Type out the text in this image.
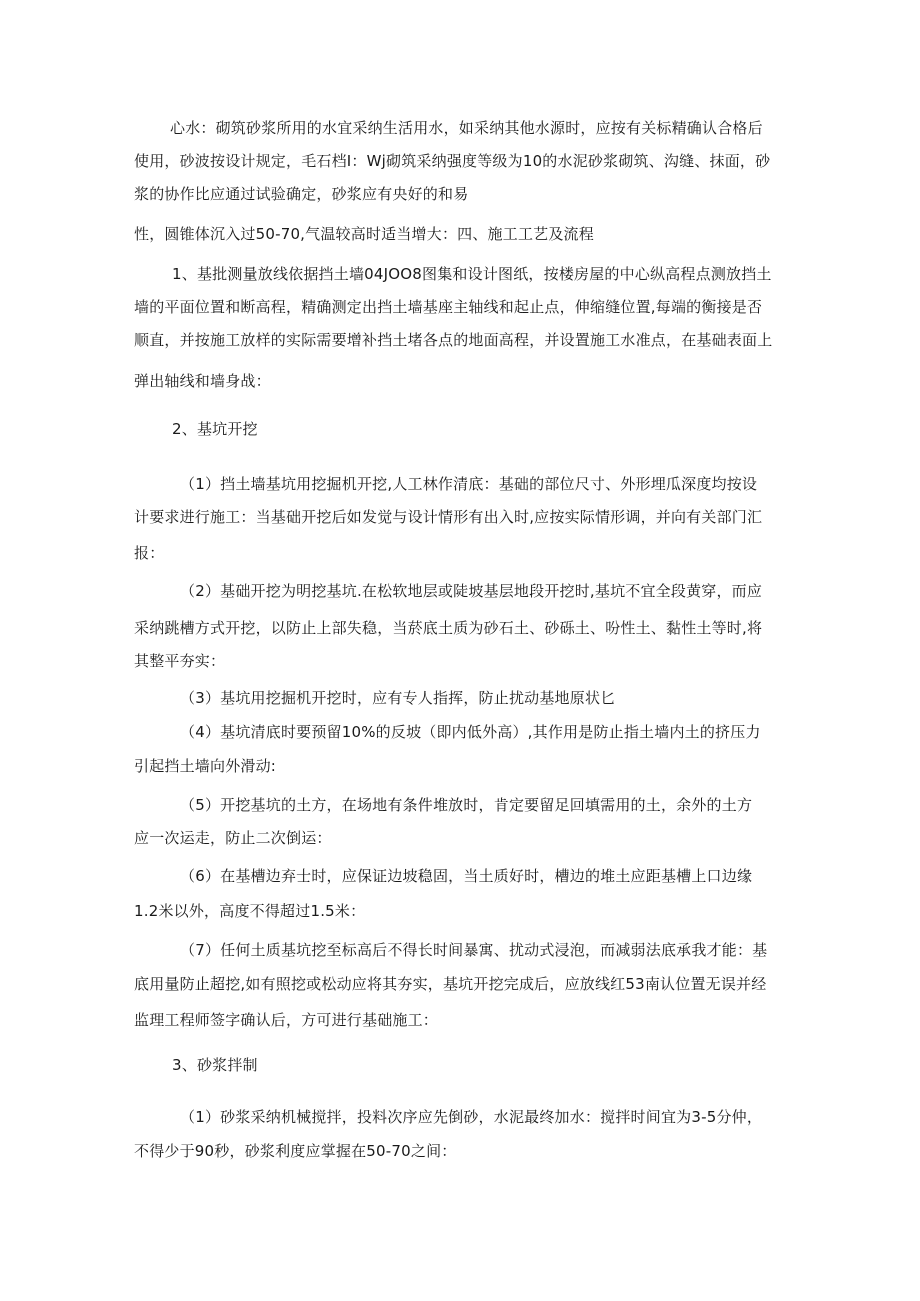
心水：砌筑砂浆所用的水宜采纳生活用水，如采纳其他水源时，应按有关标精确认合格后

使用，砂波按设计规定，毛石档I：Wj砌筑采纳强度等级为10的水泥砂浆砌筑、沟缝、抹面，砂

浆的协作比应通过试验确定，砂浆应有央好的和易

性，圆锥体沉入过50-70,气温较高时适当增大：四、施工工艺及流程

1、基批测量放线依据挡土墙04JOO8图集和设计图纸，按楼房屋的中心纵高程点测放挡土

墙的平面位置和断高程，精确测定出挡土墙基座主轴线和起止点，伸缩缝位置,每端的衡接是否

顺直，并按施工放样的实际需要增补挡土堵各点的地面高程，并设置施工水准点，在基础表面上

弹出轴线和墙身战：

2、基坑开挖

（1）挡土墙基坑用挖掘机开挖,人工林作清底：基础的部位尺寸、外形埋瓜深度均按设

计要求进行施工：当基础开挖后如发觉与设计情形有出入时,应按实际情形调，并向有关部门汇

报：

（2）基础开挖为明挖基坑.在松软地层或陡坡基层地段开挖时,基坑不宜全段黄穿，而应

采纳跳槽方式开挖，以防止上部失稳，当菸底土质为砂石土、砂砾土、吩性土、黏性土等时,将

其整平夯实：

（3）基坑用挖掘机开挖时，应有专人指挥，防止扰动基地原状匕

（4）基坑清底时要预留10%的反坡（即内低外高）,其作用是防止指土墙内土的挤压力

引起挡土墙向外滑动:

（5）开挖基坑的土方，在场地有条件堆放时，肯定要留足回填需用的土，余外的土方

应一次运走，防止二次倒运：

（6）在基槽边弃士时，应保证边坡稳固，当土质好时，槽边的堆土应距基槽上口边缘

1.2米以外，高度不得超过1.5米：

（7）任何土质基坑挖至标高后不得长时间暴寓、扰动式浸泡，而减弱法底承我才能：基

底用量防止超挖,如有照挖或松动应将其夯实，基坑开挖完成后，应放线红53南认位置无误并经

监理工程师签字确认后，方可进行基础施工：

3、砂浆拌制

（1）砂浆采纳机械搅拌，投料次序应先倒砂，水泥最终加水：搅拌时间宜为3-5分仲，

不得少于90秒，砂浆利度应掌握在50-70之间：
